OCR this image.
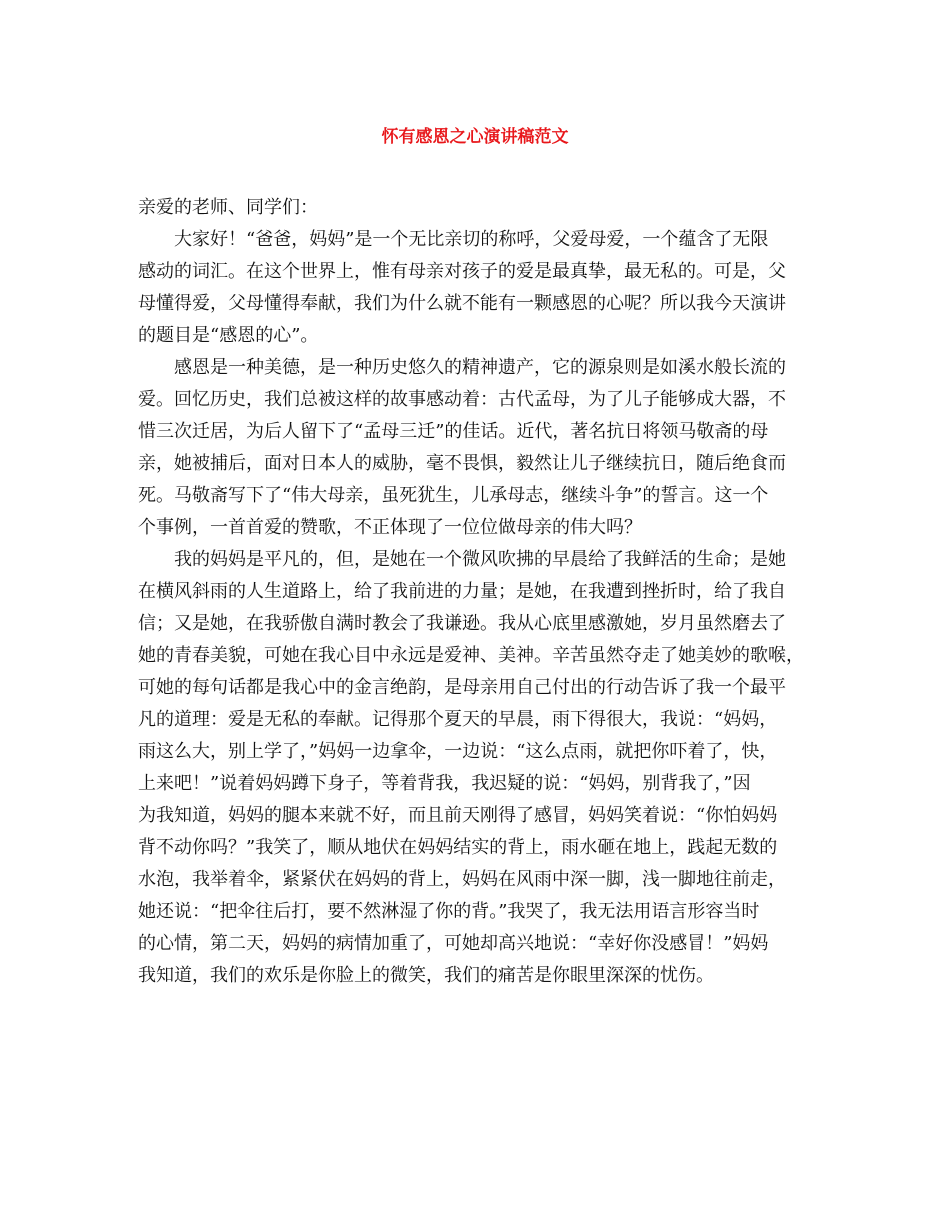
怀有感恩之心演讲稿范文

亲爱的老师、同学们：

大家好！“爸爸，妈妈”是一个无比亲切的称呼，父爱母爱，一个蕴含了无限
感动的词汇。在这个世界上，惟有母亲对孩子的爱是最真挚，最无私的。可是，父
母懂得爱，父母懂得奉献，我们为什么就不能有一颗感恩的心呢？所以我今天演讲
的题目是“感恩的心”。

感恩是一种美德，是一种历史悠久的精神遗产，它的源泉则是如溪水般长流的
爱。回忆历史，我们总被这样的故事感动着：古代孟母，为了儿子能够成大器，不
惜三次迁居，为后人留下了“孟母三迁”的佳话。近代，著名抗日将领马敬斋的母
亲，她被捕后，面对日本人的威胁，毫不畏惧，毅然让儿子继续抗日，随后绝食而
死。马敬斋写下了“伟大母亲，虽死犹生，儿承母志，继续斗争”的誓言。这一个
个事例，一首首爱的赞歌，不正体现了一位位做母亲的伟大吗？

我的妈妈是平凡的，但，是她在一个微风吹拂的早晨给了我鲜活的生命；是她
在横风斜雨的人生道路上，给了我前进的力量；是她，在我遭到挫折时，给了我自
信；又是她，在我骄傲自满时教会了我谦逊。我从心底里感激她，岁月虽然磨去了
她的青春美貌，可她在我心目中永远是爱神、美神。辛苦虽然夺走了她美妙的歌喉，
可她的每句话都是我心中的金言绝韵，是母亲用自己付出的行动告诉了我一个最平
凡的道理：爱是无私的奉献。记得那个夏天的早晨，雨下得很大，我说：“妈妈，
雨这么大，别上学了，”妈妈一边拿伞，一边说：“这么点雨，就把你吓着了，快，
上来吧！”说着妈妈蹲下身子，等着背我，我迟疑的说：“妈妈，别背我了，”因
为我知道，妈妈的腿本来就不好，而且前天刚得了感冒，妈妈笑着说：“你怕妈妈
背不动你吗？”我笑了，顺从地伏在妈妈结实的背上，雨水砸在地上，践起无数的
水泡，我举着伞，紧紧伏在妈妈的背上，妈妈在风雨中深一脚，浅一脚地往前走，
她还说：“把伞往后打，要不然淋湿了你的背。”我哭了，我无法用语言形容当时
的心情，第二天，妈妈的病情加重了，可她却高兴地说：“幸好你没感冒！”妈妈
我知道，我们的欢乐是你脸上的微笑，我们的痛苦是你眼里深深的忧伤。
